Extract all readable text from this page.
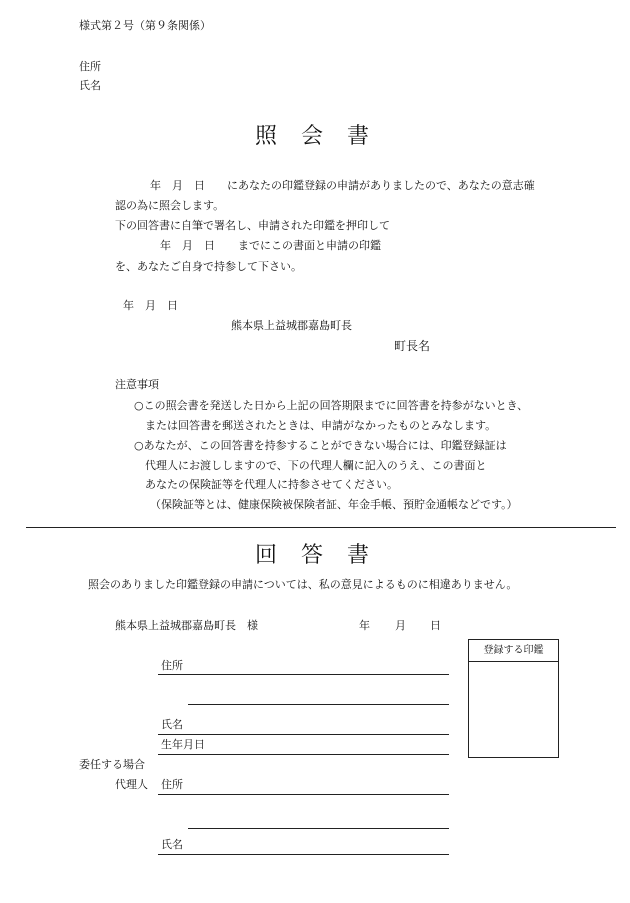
様式第２号（第９条関係）
住所
氏名
照会書
年　月　日 にあなたの印鑑登録の申請がありましたので、あなたの意志確
認の為に照会します。
下の回答書に自筆で署名し、申請された印鑑を押印して
年　月　日 までにこの書面と申請の印鑑
を、あなたご自身で持参して下さい。
年　月　日
熊本県上益城郡嘉島町長
町長名
注意事項
○この照会書を発送した日から上記の回答期限までに回答書を持参がないとき、
または回答書を郵送されたときは、申請がなかったものとみなします。
○あなたが、この回答書を持参することができない場合には、印鑑登録証は
代理人にお渡ししますので、下の代理人欄に記入のうえ、この書面と
あなたの保険証等を代理人に持参させてください。
（保険証等とは、健康保険被保険者証、年金手帳、預貯金通帳などです。）
回答書
照会のありました印鑑登録の申請については、私の意見によるものに相違ありません。
熊本県上益城郡嘉島町長　様	年 月 日
住所
氏名
生年月日
委任する場合
代理人 住所
氏名
登録する印鑑
